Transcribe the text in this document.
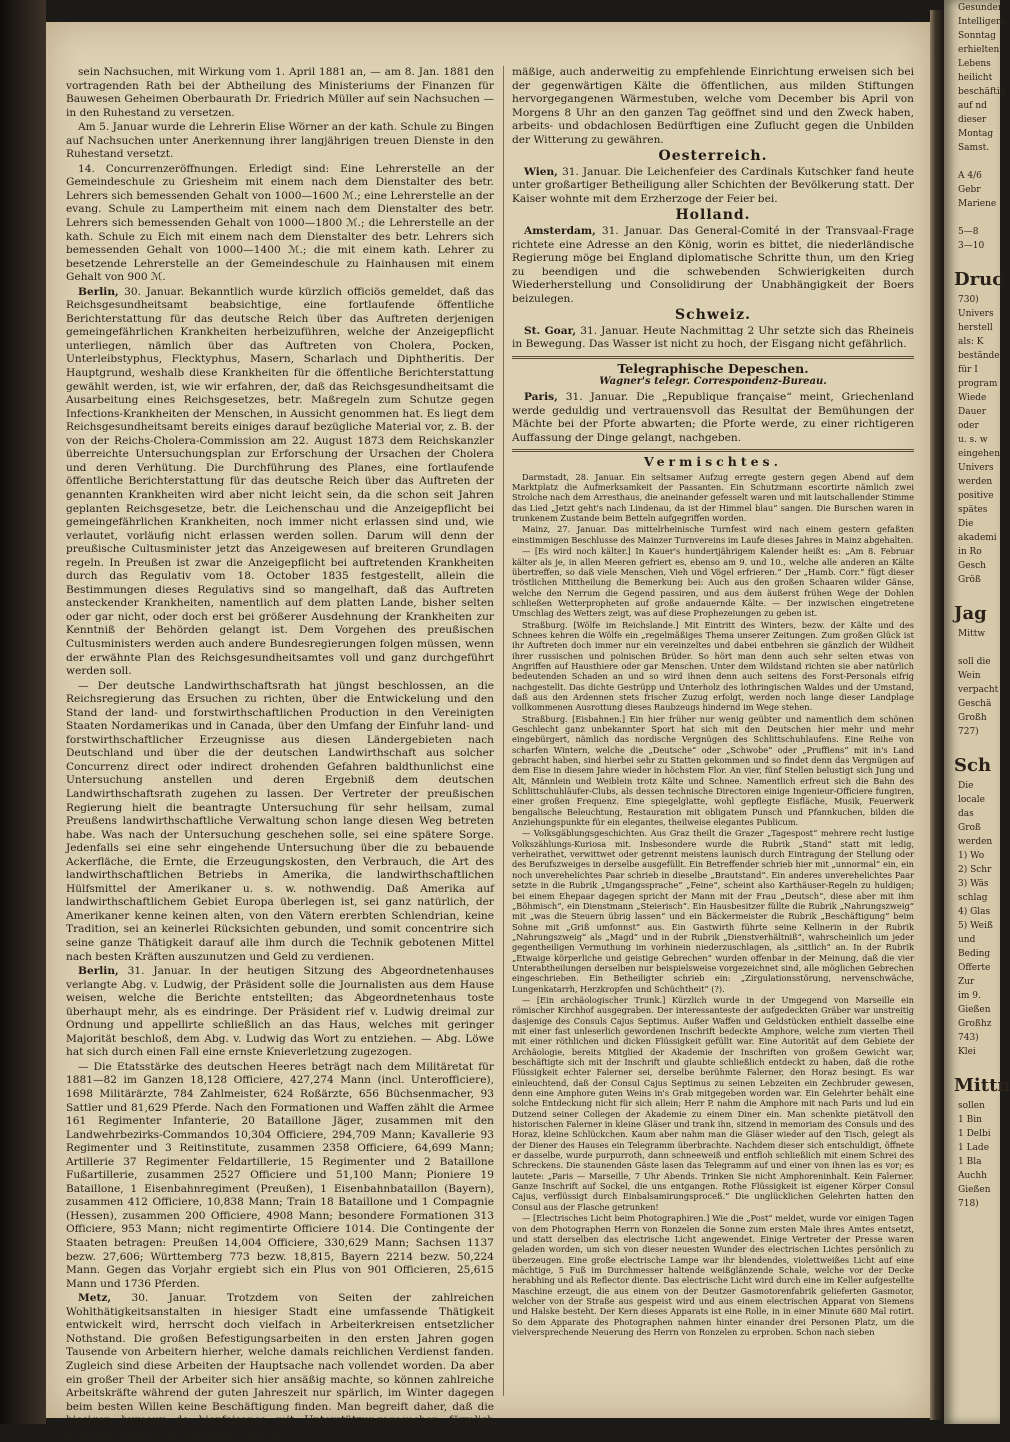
sein Nachsuchen, mit Wirkung vom 1. April 1881 an, — am 8. Jan. 1881 den vortragenden Rath bei der Abtheilung des Ministeriums der Finanzen für Bauwesen Geheimen Oberbaurath Dr. Friedrich Müller auf sein Nachsuchen — in den Ruhestand zu versetzen.

Am 5. Januar wurde die Lehrerin Elise Wörner an der kath. Schule zu Bingen auf Nachsuchen unter Anerkennung ihrer langjährigen treuen Dienste in den Ruhestand versetzt.

14. Concurrenzeröffnungen. Erledigt sind: Eine Lehrerstelle an der Gemeindeschule zu Griesheim mit einem nach dem Dienstalter des betr. Lehrers sich bemessenden Gehalt von 1000—1600 ℳ.; eine Lehrerstelle an der evang. Schule zu Lampertheim mit einem nach dem Dienstalter des betr. Lehrers sich bemessenden Gehalt von 1000—1800 ℳ.; die Lehrerstelle an der kath. Schule zu Eich mit einem nach dem Dienstalter des betr. Lehrers sich bemessenden Gehalt von 1000—1400 ℳ.; die mit einem kath. Lehrer zu besetzende Lehrerstelle an der Gemeindeschule zu Hainhausen mit einem Gehalt von 900 ℳ.

Berlin, 30. Januar. Bekanntlich wurde kürzlich officiös gemeldet, daß das Reichsgesundheitsamt beabsichtige, eine fortlaufende öffentliche Berichterstattung für das deutsche Reich über das Auftreten derjenigen gemeingefährlichen Krankheiten herbeizuführen, welche der Anzeigepflicht unterliegen, nämlich über das Auftreten von Cholera, Pocken, Unterleibstyphus, Flecktyphus, Masern, Scharlach und Diphtheritis. Der Hauptgrund, weshalb diese Krankheiten für die öffentliche Berichterstattung gewählt werden, ist, wie wir erfahren, der, daß das Reichsgesundheitsamt die Ausarbeitung eines Reichsgesetzes, betr. Maßregeln zum Schutze gegen Infections-Krankheiten der Menschen, in Aussicht genommen hat. Es liegt dem Reichsgesundheitsamt bereits einiges darauf bezügliche Material vor, z. B. der von der Reichs-Cholera-Commission am 22. August 1873 dem Reichskanzler überreichte Untersuchungsplan zur Erforschung der Ursachen der Cholera und deren Verhütung. Die Durchführung des Planes, eine fortlaufende öffentliche Berichterstattung für das deutsche Reich über das Auftreten der genannten Krankheiten wird aber nicht leicht sein, da die schon seit Jahren geplanten Reichsgesetze, betr. die Leichenschau und die Anzeigepflicht bei gemeingefährlichen Krankheiten, noch immer nicht erlassen sind und, wie verlautet, vorläufig nicht erlassen werden sollen. Darum will denn der preußische Cultusminister jetzt das Anzeigewesen auf breiteren Grundlagen regeln. In Preußen ist zwar die Anzeigepflicht bei auftretenden Krankheiten durch das Regulativ vom 18. October 1835 festgestellt, allein die Bestimmungen dieses Regulativs sind so mangelhaft, daß das Auftreten ansteckender Krankheiten, namentlich auf dem platten Lande, bisher selten oder gar nicht, oder doch erst bei größerer Ausdehnung der Krankheiten zur Kenntniß der Behörden gelangt ist. Dem Vorgehen des preußischen Cultusministers werden auch andere Bundesregierungen folgen müssen, wenn der erwähnte Plan des Reichsgesundheitsamtes voll und ganz durchgeführt werden soll.

— Der deutsche Landwirthschaftsrath hat jüngst beschlossen, an die Reichsregierung das Ersuchen zu richten, über die Entwickelung und den Stand der land- und forstwirthschaftlichen Production in den Vereinigten Staaten Nordamerikas und in Canada, über den Umfang der Einfuhr land- und forstwirthschaftlicher Erzeugnisse aus diesen Ländergebieten nach Deutschland und über die der deutschen Landwirthschaft aus solcher Concurrenz direct oder indirect drohenden Gefahren baldthunlichst eine Untersuchung anstellen und deren Ergebniß dem deutschen Landwirthschaftsrath zugehen zu lassen. Der Vertreter der preußischen Regierung hielt die beantragte Untersuchung für sehr heilsam, zumal Preußens landwirthschaftliche Verwaltung schon lange diesen Weg betreten habe. Was nach der Untersuchung geschehen solle, sei eine spätere Sorge. Jedenfalls sei eine sehr eingehende Untersuchung über die zu bebauende Ackerfläche, die Ernte, die Erzeugungskosten, den Verbrauch, die Art des landwirthschaftlichen Betriebs in Amerika, die landwirthschaftlichen Hülfsmittel der Amerikaner u. s. w. nothwendig. Daß Amerika auf landwirthschaftlichem Gebiet Europa überlegen ist, sei ganz natürlich, der Amerikaner kenne keinen alten, von den Vätern ererbten Schlendrian, keine Tradition, sei an keinerlei Rücksichten gebunden, und somit concentrire sich seine ganze Thätigkeit darauf alle ihm durch die Technik gebotenen Mittel nach besten Kräften auszunutzen und Geld zu verdienen.

Berlin, 31. Januar. In der heutigen Sitzung des Abgeordnetenhauses verlangte Abg. v. Ludwig, der Präsident solle die Journalisten aus dem Hause weisen, welche die Berichte entstellten; das Abgeordnetenhaus toste überhaupt mehr, als es eindringe. Der Präsident rief v. Ludwig dreimal zur Ordnung und appellirte schließlich an das Haus, welches mit geringer Majorität beschloß, dem Abg. v. Ludwig das Wort zu entziehen. — Abg. Löwe hat sich durch einen Fall eine ernste Knieverletzung zugezogen.

— Die Etatsstärke des deutschen Heeres beträgt nach dem Militäretat für 1881—82 im Ganzen 18,128 Officiere, 427,274 Mann (incl. Unterofficiere), 1698 Militärärzte, 784 Zahlmeister, 624 Roßärzte, 656 Büchsenmacher, 93 Sattler und 81,629 Pferde. Nach den Formationen und Waffen zählt die Armee 161 Regimenter Infanterie, 20 Bataillone Jäger, zusammen mit den Landwehrbezirks-Commandos 10,304 Officiere, 294,709 Mann; Kavallerie 93 Regimenter und 3 Reitinstitute, zusammen 2358 Officiere, 64,699 Mann; Artillerie 37 Regimenter Feldartillerie, 15 Regimenter und 2 Bataillone Fußartillerie, zusammen 2527 Officiere und 51,100 Mann; Pioniere 19 Bataillone, 1 Eisenbahnregiment (Preußen), 1 Eisenbahnbataillon (Bayern), zusammen 412 Officiere, 10,838 Mann; Train 18 Bataillone und 1 Compagnie (Hessen), zusammen 200 Officiere, 4908 Mann; besondere Formationen 313 Officiere, 953 Mann; nicht regimentirte Officiere 1014. Die Contingente der Staaten betragen: Preußen 14,004 Officiere, 330,629 Mann; Sachsen 1137 bezw. 27,606; Württemberg 773 bezw. 18,815, Bayern 2214 bezw. 50,224 Mann. Gegen das Vorjahr ergiebt sich ein Plus von 901 Officieren, 25,615 Mann und 1736 Pferden.

Metz, 30. Januar. Trotzdem von Seiten der zahlreichen Wohlthätigkeitsanstalten in hiesiger Stadt eine umfassende Thätigkeit entwickelt wird, herrscht doch vielfach in Arbeiterkreisen entsetzlicher Nothstand. Die großen Befestigungsarbeiten in den ersten Jahren gogen Tausende von Arbeitern hierher, welche damals reichlichen Verdienst fanden. Zugleich sind diese Arbeiten der Hauptsache nach vollendet worden. Da aber ein großer Theil der Arbeiter sich hier ansäßig machte, so können zahlreiche Arbeitskräfte während der guten Jahreszeit nur spärlich, im Winter dagegen beim besten Willen keine Beschäftigung finden. Man begreift daher, daß die hiesigen bureaux de bienfaisance mit Unterstützungsgesuchen förmlich bestürmt werden. Als besonders zweck-

mäßige, auch anderweitig zu empfehlende Einrichtung erweisen sich bei der gegenwärtigen Kälte die öffentlichen, aus milden Stiftungen hervorgegangenen Wärmestuben, welche vom December bis April von Morgens 8 Uhr an den ganzen Tag geöffnet sind und den Zweck haben, arbeits- und obdachlosen Bedürftigen eine Zuflucht gegen die Unbilden der Witterung zu gewähren.

Oesterreich.

Wien, 31. Januar. Die Leichenfeier des Cardinals Kutschker fand heute unter großartiger Betheiligung aller Schichten der Bevölkerung statt. Der Kaiser wohnte mit dem Erzherzoge der Feier bei.

Holland.

Amsterdam, 31. Januar. Das General-Comité in der Transvaal-Frage richtete eine Adresse an den König, worin es bittet, die niederländische Regierung möge bei England diplomatische Schritte thun, um den Krieg zu beendigen und die schwebenden Schwierigkeiten durch Wiederherstellung und Consolidirung der Unabhängigkeit der Boers beizulegen.

Schweiz.

St. Goar, 31. Januar. Heute Nachmittag 2 Uhr setzte sich das Rheineis in Bewegung. Das Wasser ist nicht zu hoch, der Eisgang nicht gefährlich.

Telegraphische Depeschen.
Wagner's telegr. Correspondenz-Bureau.

Paris, 31. Januar. Die „Republique française“ meint, Griechenland werde geduldig und vertrauensvoll das Resultat der Bemühungen der Mächte bei der Pforte abwarten; die Pforte werde, zu einer richtigeren Auffassung der Dinge gelangt, nachgeben.

Vermischtes.

Darmstadt, 28. Januar. Ein seltsamer Aufzug erregte gestern gegen Abend auf dem Marktplatz die Aufmerksamkeit der Passanten. Ein Schutzmann escortirte nämlich zwei Strolche nach dem Arresthaus, die aneinander gefesselt waren und mit lautschallender Stimme das Lied „Jetzt geht's nach Lindenau, da ist der Himmel blau“ sangen. Die Burschen waren in trunkenem Zustande beim Betteln aufgegriffen worden.

Mainz, 27. Januar. Das mittelrheinische Turnfest wird nach einem gestern gefaßten einstimmigen Beschlusse des Mainzer Turnvereins im Laufe dieses Jahres in Mainz abgehalten.

— [Es wird noch kälter.] In Kauer's hundertjährigem Kalender heißt es: „Am 8. Februar kälter als je, in allen Meeren gefriert es, ebenso am 9. und 10., welche alle anderen an Kälte übertreffen, so daß viele Menschen, Vieh und Vögel erfrieren.“ Der „Hamb. Corr.“ fügt dieser tröstlichen Mittheilung die Bemerkung bei: Auch aus den großen Schaaren wilder Gänse, welche den Nerrum die Gegend passiren, und aus dem äußerst frühen Wege der Dohlen schließen Wetterpropheten auf große andauernde Kälte. — Der inzwischen eingetretene Umschlag des Wetters zeigt, was auf diese Prophezeiungen zu geben ist.

Straßburg. [Wölfe im Reichslande.] Mit Eintritt des Winters, bezw. der Kälte und des Schnees kehren die Wölfe ein „regelmäßiges Thema unserer Zeitungen. Zum großen Glück ist ihr Auftreten doch immer nur ein vereinzeltes und dabei entbehren sie gänzlich der Wildheit ihrer russischen und polnischen Brüder. So hört man denn auch sehr selten etwas von Angriffen auf Hausthiere oder gar Menschen. Unter dem Wildstand richten sie aber natürlich bedeutenden Schaden an und so wird ihnen denn auch seitens des Forst-Personals eifrig nachgestellt. Das dichte Gestrüpp und Unterholz des lothringischen Waldes und der Umstand, daß aus den Ardennen stets frischer Zuzug erfolgt, werden noch lange dieser Landplage vollkommenen Ausrottung dieses Raubzeugs hindernd im Wege stehen.

Straßburg. [Eisbahnen.] Ein hier früher nur wenig geübter und namentlich dem schönen Geschlecht ganz unbekannter Sport hat sich mit den Deutschen hier mehr und mehr eingebürgert, nämlich das nordische Vergnügen des Schlittschuhlaufens. Eine Reihe von scharfen Wintern, welche die „Deutsche“ oder „Schwobe“ oder „Pruffiens“ mit in's Land gebracht haben, sind hierbei sehr zu Statten gekommen und so findet denn das Vergnügen auf dem Eise in diesem Jahre wieder in höchstem Flor. An vier, fünf Stellen belustigt sich Jung und Alt, Männlein und Weiblein trotz Kälte und Schnee. Namentlich erfreut sich die Bahn des Schlittschuhläufer-Clubs, als dessen technische Directoren einige Ingenieur-Officiere fungiren, einer großen Frequenz. Eine spiegelglatte, wohl gepflegte Eisfläche, Musik, Feuerwerk bengalische Beleuchtung, Restauration mit obligatem Punsch und Pfannkuchen, bilden die Anziehungspunkte für ein elegantes, theilweise elegantes Publicum.

— Volksgäblungsgeschichten. Aus Graz theilt die Grazer „Tagespost“ mehrere recht lustige Volkszählungs-Kuriosa mit. Insbesondere wurde die Rubrik „Stand“ statt mit ledig, verheirathet, verwittwet oder getrennt meistens launisch durch Eintragung der Stellung oder des Berufszweiges in derselbe ausgefüllt. Ein Betreffender schrieb hier mit „unnormal“ ein, ein noch unverehelichtes Paar schrieb in dieselbe „Brautstand“. Ein anderes unverehelichtes Paar setzte in die Rubrik „Umgangssprache“ „Feine“, scheint also Karthäuser-Regeln zu huldigen; bei einem Ehepaar dagegen spricht der Mann mit der Frau „Deutsch“, diese aber mit ihm „Böhmisch“, ein Dienstmann „Steierisch“. Ein Hausbesitzer füllte die Rubrik „Nahrungszweig“ mit „was die Steuern übrig lassen“ und ein Bäckermeister die Rubrik „Beschäftigung“ beim Sohne mit „Griß umfonnst“ aus. Ein Gastwirth führte seine Kellnerin in der Rubrik „Nahrungszweig“ als „Magd“ und in der Rubrik „Dienstverhältniß“, wahrscheinlich um jeder gegentheiligen Vermuthung im vorhinein niederzuschlagen, als „sittlich“ an. In der Rubrik „Etwaige körperliche und geistige Gebrechen“ wurden offenbar in der Meinung, daß die vier Unterabtheilungen derselben nur beispielsweise vorgezeichnet sind, alle möglichen Gebrechen eingeschrieben. Ein Betheiligter schrieb ein: „Zirgulationsstörung, nervenschwäche, Lungenkatarrh, Herzkropfen und Schüchtheit“ (?).

— [Ein archäologischer Trunk.] Kürzlich wurde in der Umgegend von Marseille ein römischer Kirchhof ausgegraben. Der interessanteste der aufgedeckten Gräber war unstreitig dasjenige des Consuls Cajus Septimus. Außer Waffen und Geldstücken enthielt dasselbe eine mit einer fast unleserlich gewordenen Inschrift bedeckte Amphore, welche zum vierten Theil mit einer röthlichen und dicken Flüssigkeit gefüllt war. Eine Autorität auf dem Gebiete der Archäologie, bereits Mitglied der Akademie der Inschriften von großem Gewicht war, beschäftigte sich mit der Inschrift und glaubte schließlich entdeckt zu haben, daß die rothe Flüssigkeit echter Falerner sei, derselbe berühmte Falerner, den Horaz besingt. Es war einleuchtend, daß der Consul Cajus Septimus zu seinen Lebzeiten ein Zechbruder gewesen, denn eine Amphore guten Weins in's Grab mitgegeben worden war. Ein Gelehrter behält eine solche Entdeckung nicht für sich allein; Herr P. nahm die Amphore mit nach Paris und lud ein Dutzend seiner Collegen der Akademie zu einem Diner ein. Man schenkte pietätvoll den historischen Falerner in kleine Gläser und trank ihn, sitzend in memoriam des Consuls und des Horaz, kleine Schlückchen. Kaum aber nahm man die Gläser wieder auf den Tisch, gelegt als der Diener des Hauses ein Telegramm überbrachte. Nachdem dieser sich entschuldigt, öffnete er dasselbe, wurde purpurroth, dann schneeweiß und entfloh schließlich mit einem Schrei des Schreckens. Die staunenden Gäste lasen das Telegramm auf und einer von ihnen las es vor; es lautete: „Paris — Marseille, 7 Uhr Abends. Trinken Sie nicht Amphoreninhalt. Kein Falerner. Ganze Inschrift auf Sockel, die uns entgangen. Rothe Flüssigkeit ist eigener Körper Consul Cajus, verflüssigt durch Einbalsamirungsproceß.“ Die unglücklichen Gelehrten hatten den Consul aus der Flasche getrunken!

— [Electrisches Licht beim Photographiren.] Wie die „Post“ meldet, wurde vor einigen Tagen von dem Photographen Herrn von Ronzelen die Sonne zum ersten Male ihres Amtes entsetzt, und statt derselben das electrische Licht angewendet. Einige Vertreter der Presse waren geladen worden, um sich von dieser neuesten Wunder des electrischen Lichtes persönlich zu überzeugen. Eine große electrische Lampe war ihr blendendes, violettweißes Licht auf eine mächtige, 5 Fuß im Durchmesser haltende weißglänzende Schale, welche vor der Decke herabhing und als Reflector diente. Das electrische Licht wird durch eine im Keller aufgestellte Maschine erzeugt, die aus einem von der Deutzer Gasmotorenfabrik gelieferten Gasmotor, welcher von der Straße aus gespeist wird und aus einem electrischen Apparat von Siemens und Halske besteht. Der Kern dieses Apparats ist eine Rolle, in in einer Minute 680 Mal rotirt. So dem Apparate des Photographen nahmen hinter einander drei Personen Platz, um die vielversprechende Neuerung des Herrn von Ronzelen zu erproben. Schon nach sieben

Gesunden
Intelligent
Sonntag
erhielten
Lebens
heilicht
beschäftig
auf nd
dieser
Montag
Samst.

A 4/6
Gebr
Mariene

5—8
3—10

Druc
730)
Univers
herstell
als: K
bestände
für I
program
Wiede
Dauer
oder
u. s. w
eingehen
Univers
werden
positive
spätes
Die
akademi
in Ro
Gesch
Größ

Jag
Mittw

soll die
Wein
verpacht
Geschä
Großh
727)

Sch
Die
locale
das
Groß
werden
1) Wo
2) Schr
3) Wäs
schlag
4) Glas
5) Weiß
und
Beding
Offerte
Zur
im 9.
Gießen
Großhz
743)
Klei

Mittn
sollen
1 Bin
1 Delbi
1 Lade
1 Bla
Auchh
Gießen
718)
